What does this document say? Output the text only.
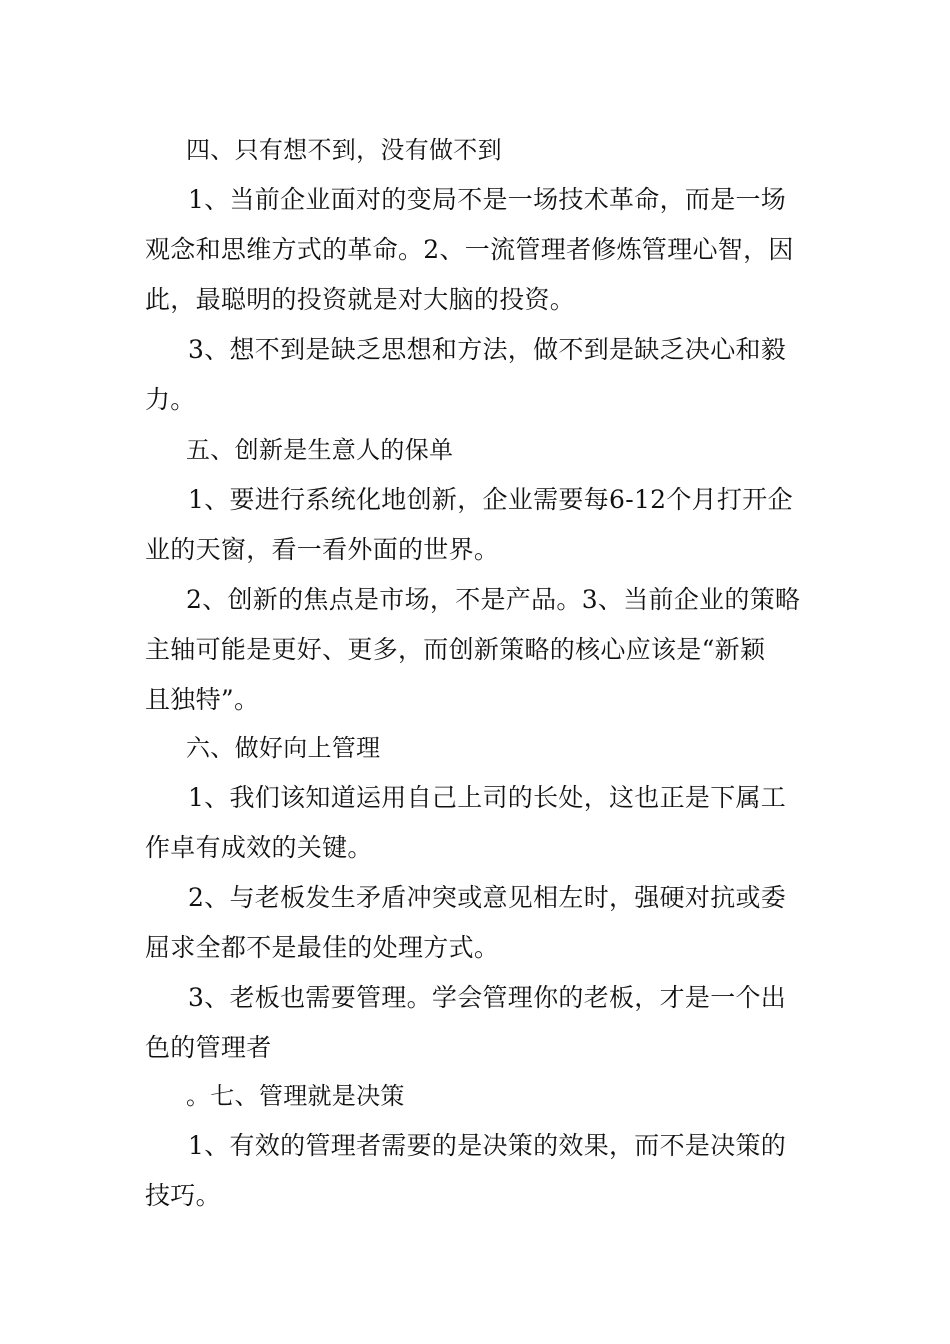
四、只有想不到，没有做不到
1、当前企业面对的变局不是一场技术革命，而是一场
观念和思维方式的革命。2、一流管理者修炼管理心智，因
此，最聪明的投资就是对大脑的投资。
3、想不到是缺乏思想和方法，做不到是缺乏决心和毅
力。
五、创新是生意人的保单
1、要进行系统化地创新，企业需要每6-12个月打开企
业的天窗，看一看外面的世界。
2、创新的焦点是市场，不是产品。3、当前企业的策略
主轴可能是更好、更多，而创新策略的核心应该是“新颖
且独特”。
六、做好向上管理
1、我们该知道运用自己上司的长处，这也正是下属工
作卓有成效的关键。
2、与老板发生矛盾冲突或意见相左时，强硬对抗或委
屈求全都不是最佳的处理方式。
3、老板也需要管理。学会管理你的老板，才是一个出
色的管理者
。七、管理就是决策
1、有效的管理者需要的是决策的效果，而不是决策的
技巧。
